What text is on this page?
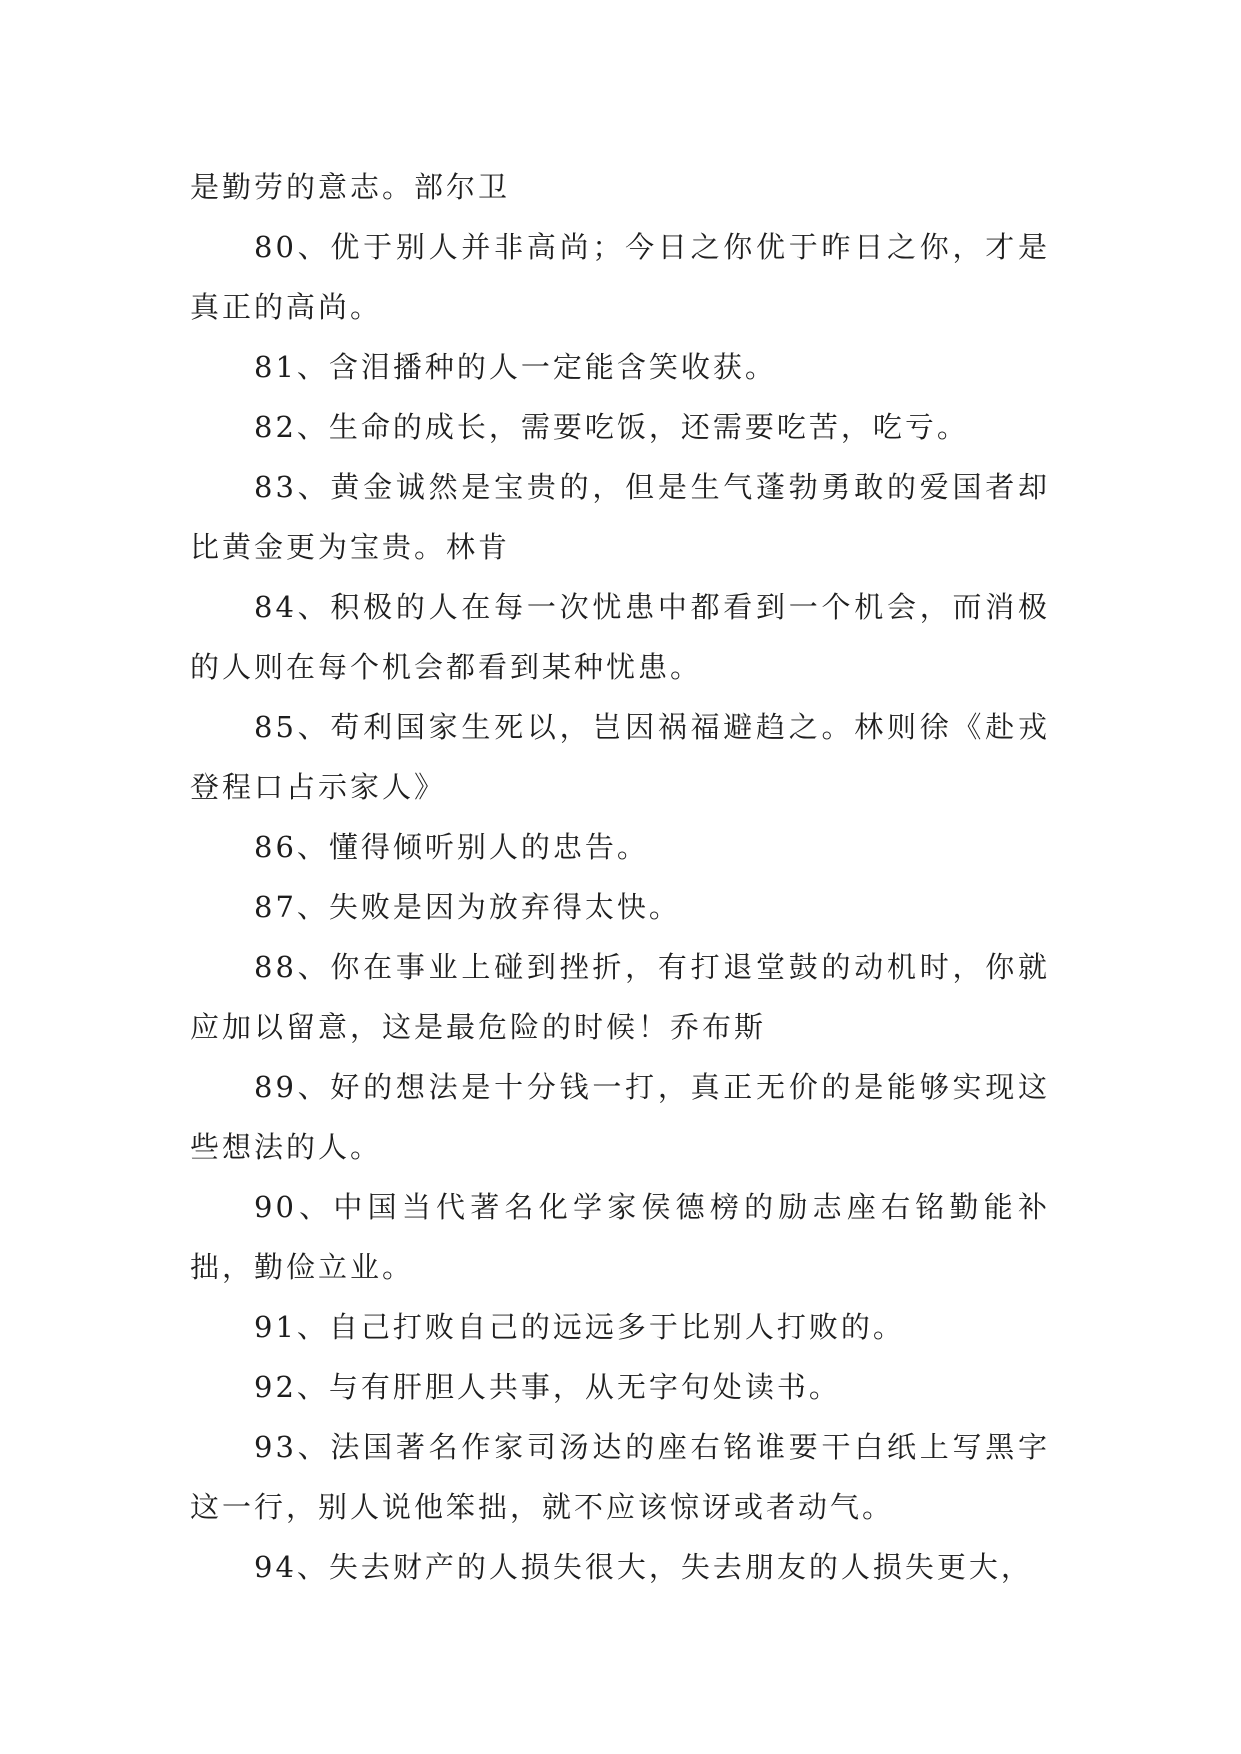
是勤劳的意志。部尔卫

80、优于别人并非高尚；今日之你优于昨日之你，才是真正的高尚。

81、含泪播种的人一定能含笑收获。

82、生命的成长，需要吃饭，还需要吃苦，吃亏。

83、黄金诚然是宝贵的，但是生气蓬勃勇敢的爱国者却比黄金更为宝贵。林肯

84、积极的人在每一次忧患中都看到一个机会，而消极的人则在每个机会都看到某种忧患。

85、苟利国家生死以，岂因祸福避趋之。林则徐《赴戎登程口占示家人》

86、懂得倾听别人的忠告。

87、失败是因为放弃得太快。

88、你在事业上碰到挫折，有打退堂鼓的动机时，你就应加以留意，这是最危险的时候！乔布斯

89、好的想法是十分钱一打，真正无价的是能够实现这些想法的人。

90、中国当代著名化学家侯德榜的励志座右铭勤能补拙，勤俭立业。

91、自己打败自己的远远多于比别人打败的。

92、与有肝胆人共事，从无字句处读书。

93、法国著名作家司汤达的座右铭谁要干白纸上写黑字这一行，别人说他笨拙，就不应该惊讶或者动气。

94、失去财产的人损失很大，失去朋友的人损失更大，
